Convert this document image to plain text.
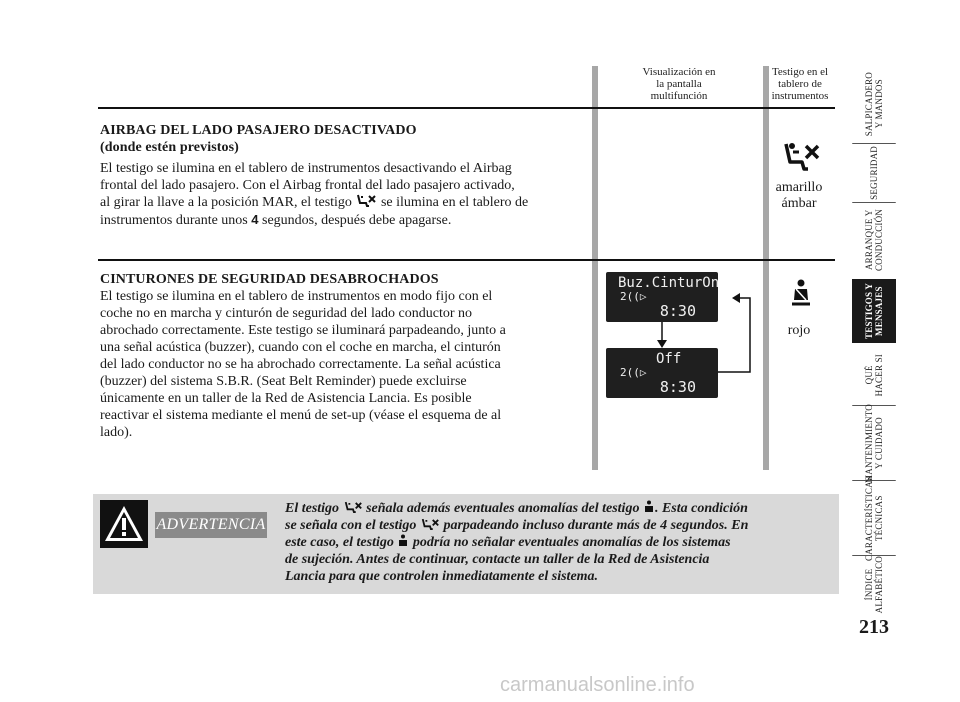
Visualización en
la pantalla
multifunción
Testigo en el
tablero de
instrumentos
AIRBAG DEL LADO PASAJERO DESACTIVADO
(donde estén previstos)
El testigo se ilumina en el tablero de instrumentos desactivando el Airbag
frontal del lado pasajero. Con el Airbag frontal del lado pasajero activado,
al girar la llave a la posición MAR, el testigo se ilumina en el tablero de
instrumentos durante unos 4 segundos, después debe apagarse.
amarillo
ámbar
CINTURONES DE SEGURIDAD DESABROCHADOS
El testigo se ilumina en el tablero de instrumentos en modo fijo con el
coche no en marcha y cinturón de seguridad del lado conductor no
abrochado correctamente. Este testigo se iluminará parpadeando, junto a
una señal acústica (buzzer), cuando con el coche en marcha, el cinturón
del lado conductor no se ha abrochado correctamente. La señal acústica
(buzzer) del sistema S.B.R. (Seat Belt Reminder) puede excluirse
únicamente en un taller de la Red de Asistencia Lancia. Es posible
reactivar el sistema mediante el menú de set-up (véase el esquema de al
lado).
Buz.CinturOn
2((▷
8:30
Off
2((▷
8:30
rojo
ADVERTENCIA
El testigo señala además eventuales anomalías del testigo . Esta condición
se señala con el testigo parpadeando incluso durante más de 4 segundos. En
este caso, el testigo podría no señalar eventuales anomalías de los sistemas
de sujeción. Antes de continuar, contacte un taller de la Red de Asistencia
Lancia para que controlen inmediatamente el sistema.
SALPICADERO
Y MANDOS
SEGURIDAD
ARRANQUE Y
CONDUCCIÓN
TESTIGOS Y
MENSAJES
QUÉ
HACER SI
MANTENIMIENTO
Y CUIDADO
CARACTERÍSTICAS
TÉCNICAS
ÍNDICE
ALFABÉTICO
213
carmanualsonline.info
